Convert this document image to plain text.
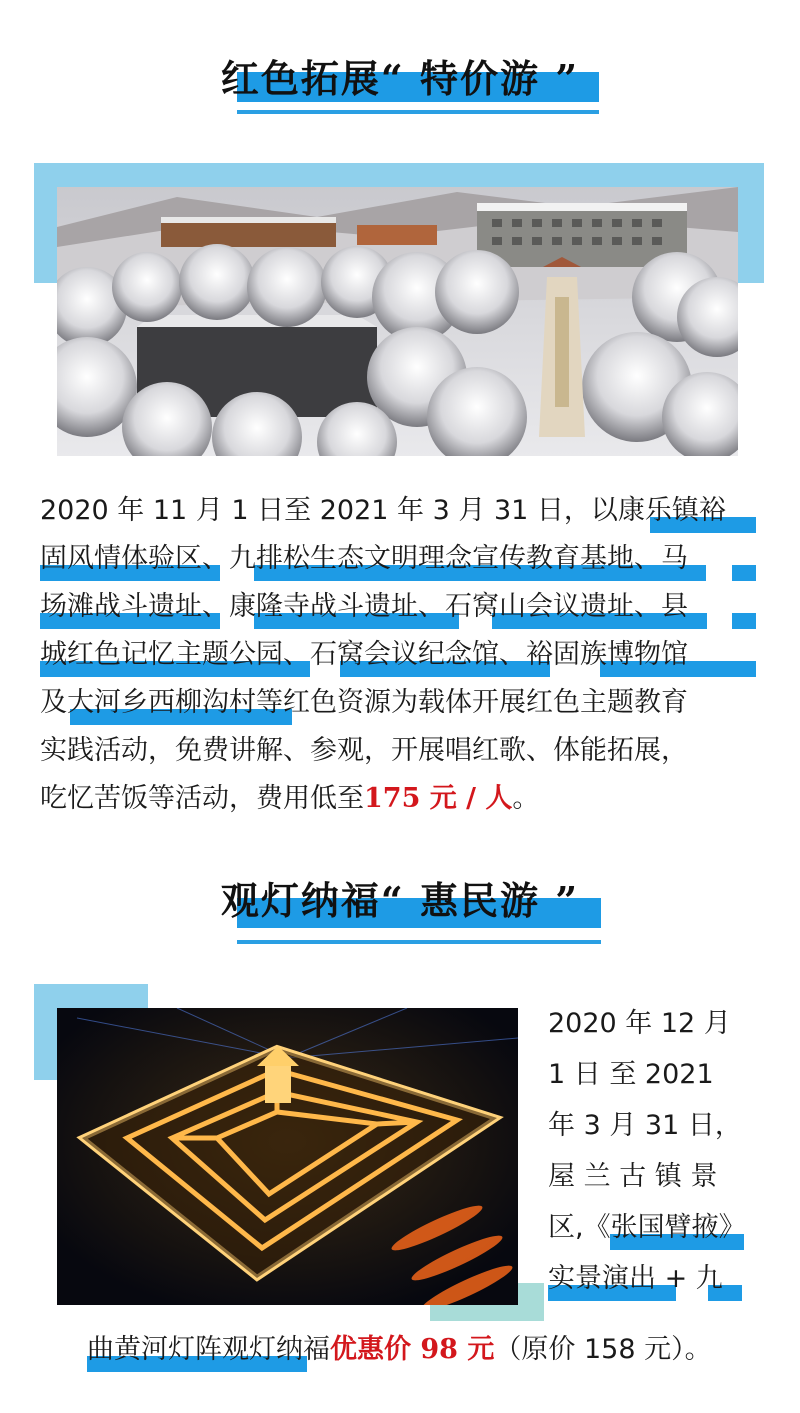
红色拓展“ 特价游 ”
2020 年 11 月 1 日至 2021 年 3 月 31 日，以康乐镇裕
固风情体验区、九排松生态文明理念宣传教育基地、马
场滩战斗遗址、康隆寺战斗遗址、石窝山会议遗址、县
城红色记忆主题公园、石窝会议纪念馆、裕固族博物馆
及大河乡西柳沟村等红色资源为载体开展红色主题教育
实践活动，免费讲解、参观，开展唱红歌、体能拓展，
吃忆苦饭等活动，费用低至175 元 / 人。
观灯纳福“ 惠民游 ”
2020 年 12 月
1 日 至 2021
年 3 月 31 日，
屋 兰 古 镇 景
区,《张国臂掖》
实景演出 + 九
曲黄河灯阵观灯纳福优惠价 98 元（原价 158 元）。
